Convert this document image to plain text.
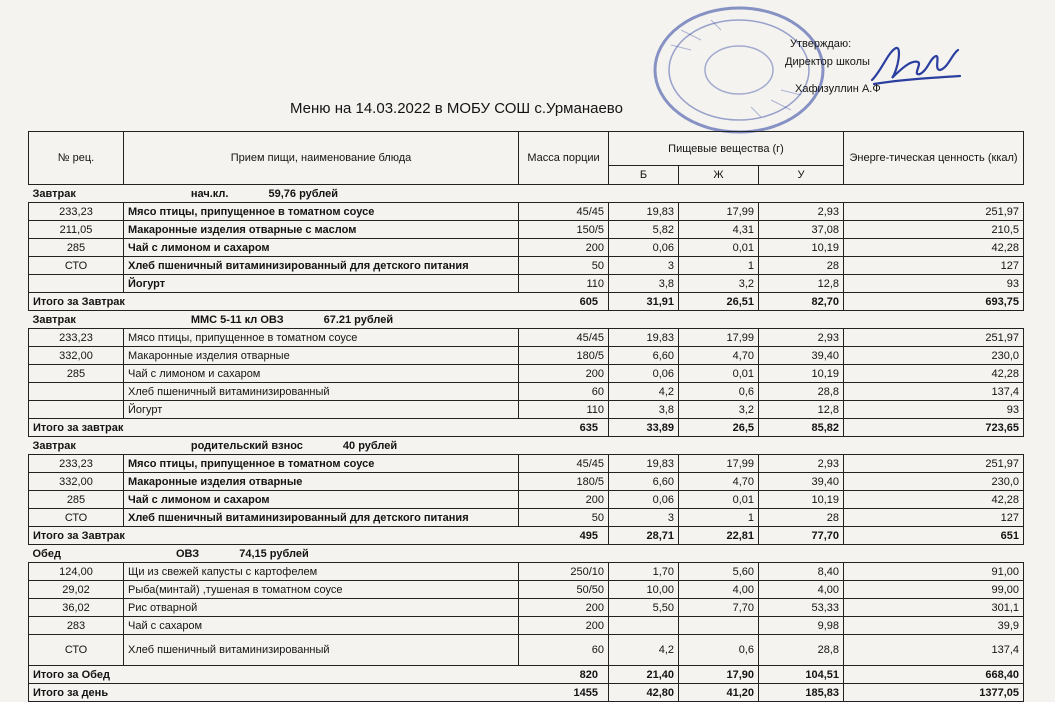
Утверждаю:
Директор школы
Хафизуллин А.Ф
Меню на 14.03.2022 в МОБУ СОШ с.Урманаево
№ рец.	Прием пищи, наименование блюда	Масса порции	Пищевые вещества (г)			Энерге-тическая ценность (ккал)
			Б	Ж	У	
Завтрак нач.кл. 59,76 рублей						
233,23	Мясо птицы, припущенное в томатном соусе	45/45	19,83	17,99	2,93	251,97
211,05	Макаронные изделия отварные с маслом	150/5	5,82	4,31	37,08	210,5
285	Чай с лимоном и сахаром	200	0,06	0,01	10,19	42,28
СТО	Хлеб пшеничный витаминизированный для детского питания	50	3	1	28	127
	Йогурт	110	3,8	3,2	12,8	93
Итого за Завтрак 605			31,91	26,51	82,70	693,75
Завтрак ММС 5-11 кл ОВЗ 67.21 рублей						
233,23	Мясо птицы, припущенное в томатном соусе	45/45	19,83	17,99	2,93	251,97
332,00	Макаронные изделия отварные	180/5	6,60	4,70	39,40	230,0
285	Чай с лимоном и сахаром	200	0,06	0,01	10,19	42,28
	Хлеб пшеничный витаминизированный	60	4,2	0,6	28,8	137,4
	Йогурт	110	3,8	3,2	12,8	93
Итого за завтрак 635			33,89	26,5	85,82	723,65
Завтрак родительский взнос 40 рублей						
233,23	Мясо птицы, припущенное в томатном соусе	45/45	19,83	17,99	2,93	251,97
332,00	Макаронные изделия отварные	180/5	6,60	4,70	39,40	230,0
285	Чай с лимоном и сахаром	200	0,06	0,01	10,19	42,28
СТО	Хлеб пшеничный витаминизированный для детского питания	50	3	1	28	127
Итого за Завтрак 495			28,71	22,81	77,70	651
Обед ОВЗ 74,15 рублей						
124,00	Щи из свежей капусты с картофелем	250/10	1,70	5,60	8,40	91,00
29,02	Рыба(минтай) ,тушеная в томатном соусе	50/50	10,00	4,00	4,00	99,00
36,02	Рис отварной	200	5,50	7,70	53,33	301,1
283	Чай с сахаром	200			9,98	39,9
СТО	Хлеб пшеничный витаминизированный	60	4,2	0,6	28,8	137,4
Итого за Обед 820			21,40	17,90	104,51	668,40
Итого за день 1455			42,80	41,20	185,83	1377,05
